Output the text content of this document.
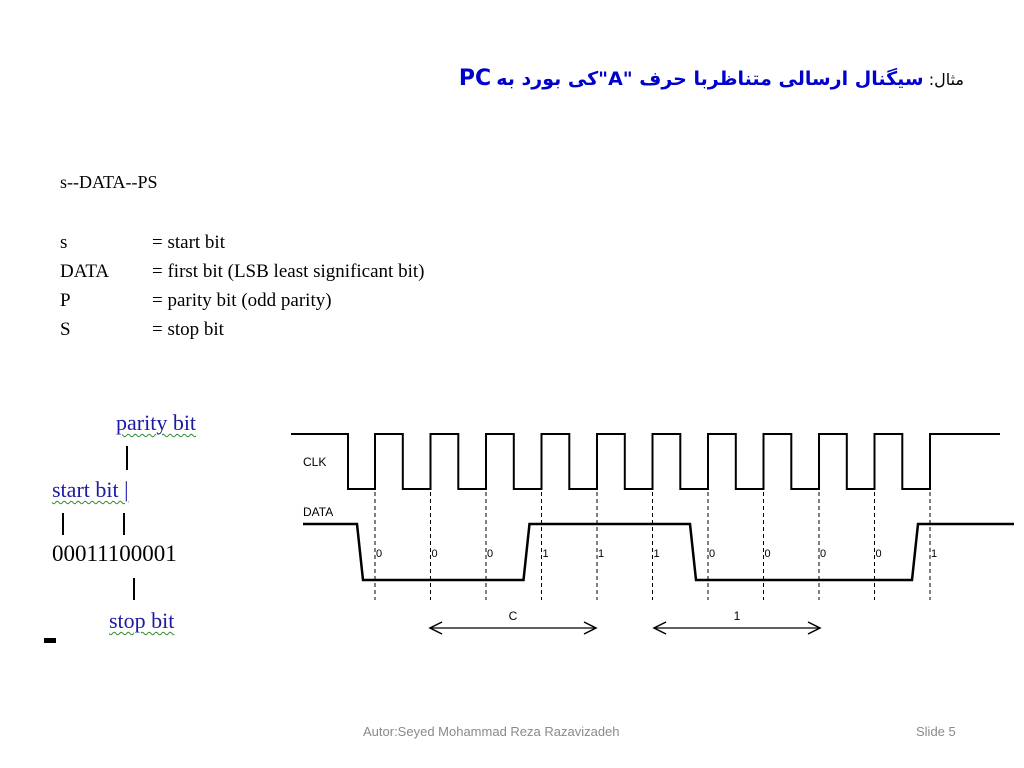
مثال: سیگنال ارسالی متناظربا حرف "A"کی بورد به PC
s--DATA--PS
s	= start bit
DATA	= first bit (LSB least significant bit)
P	= parity bit (odd parity)
S	= stop bit
parity bit
start bit |
00011100001
stop bit
0	0	0	1	1	1	0	0	0	0	1
C	1
CLK
DATA
Autor:Seyed Mohammad Reza Razavizadeh	Slide 5
